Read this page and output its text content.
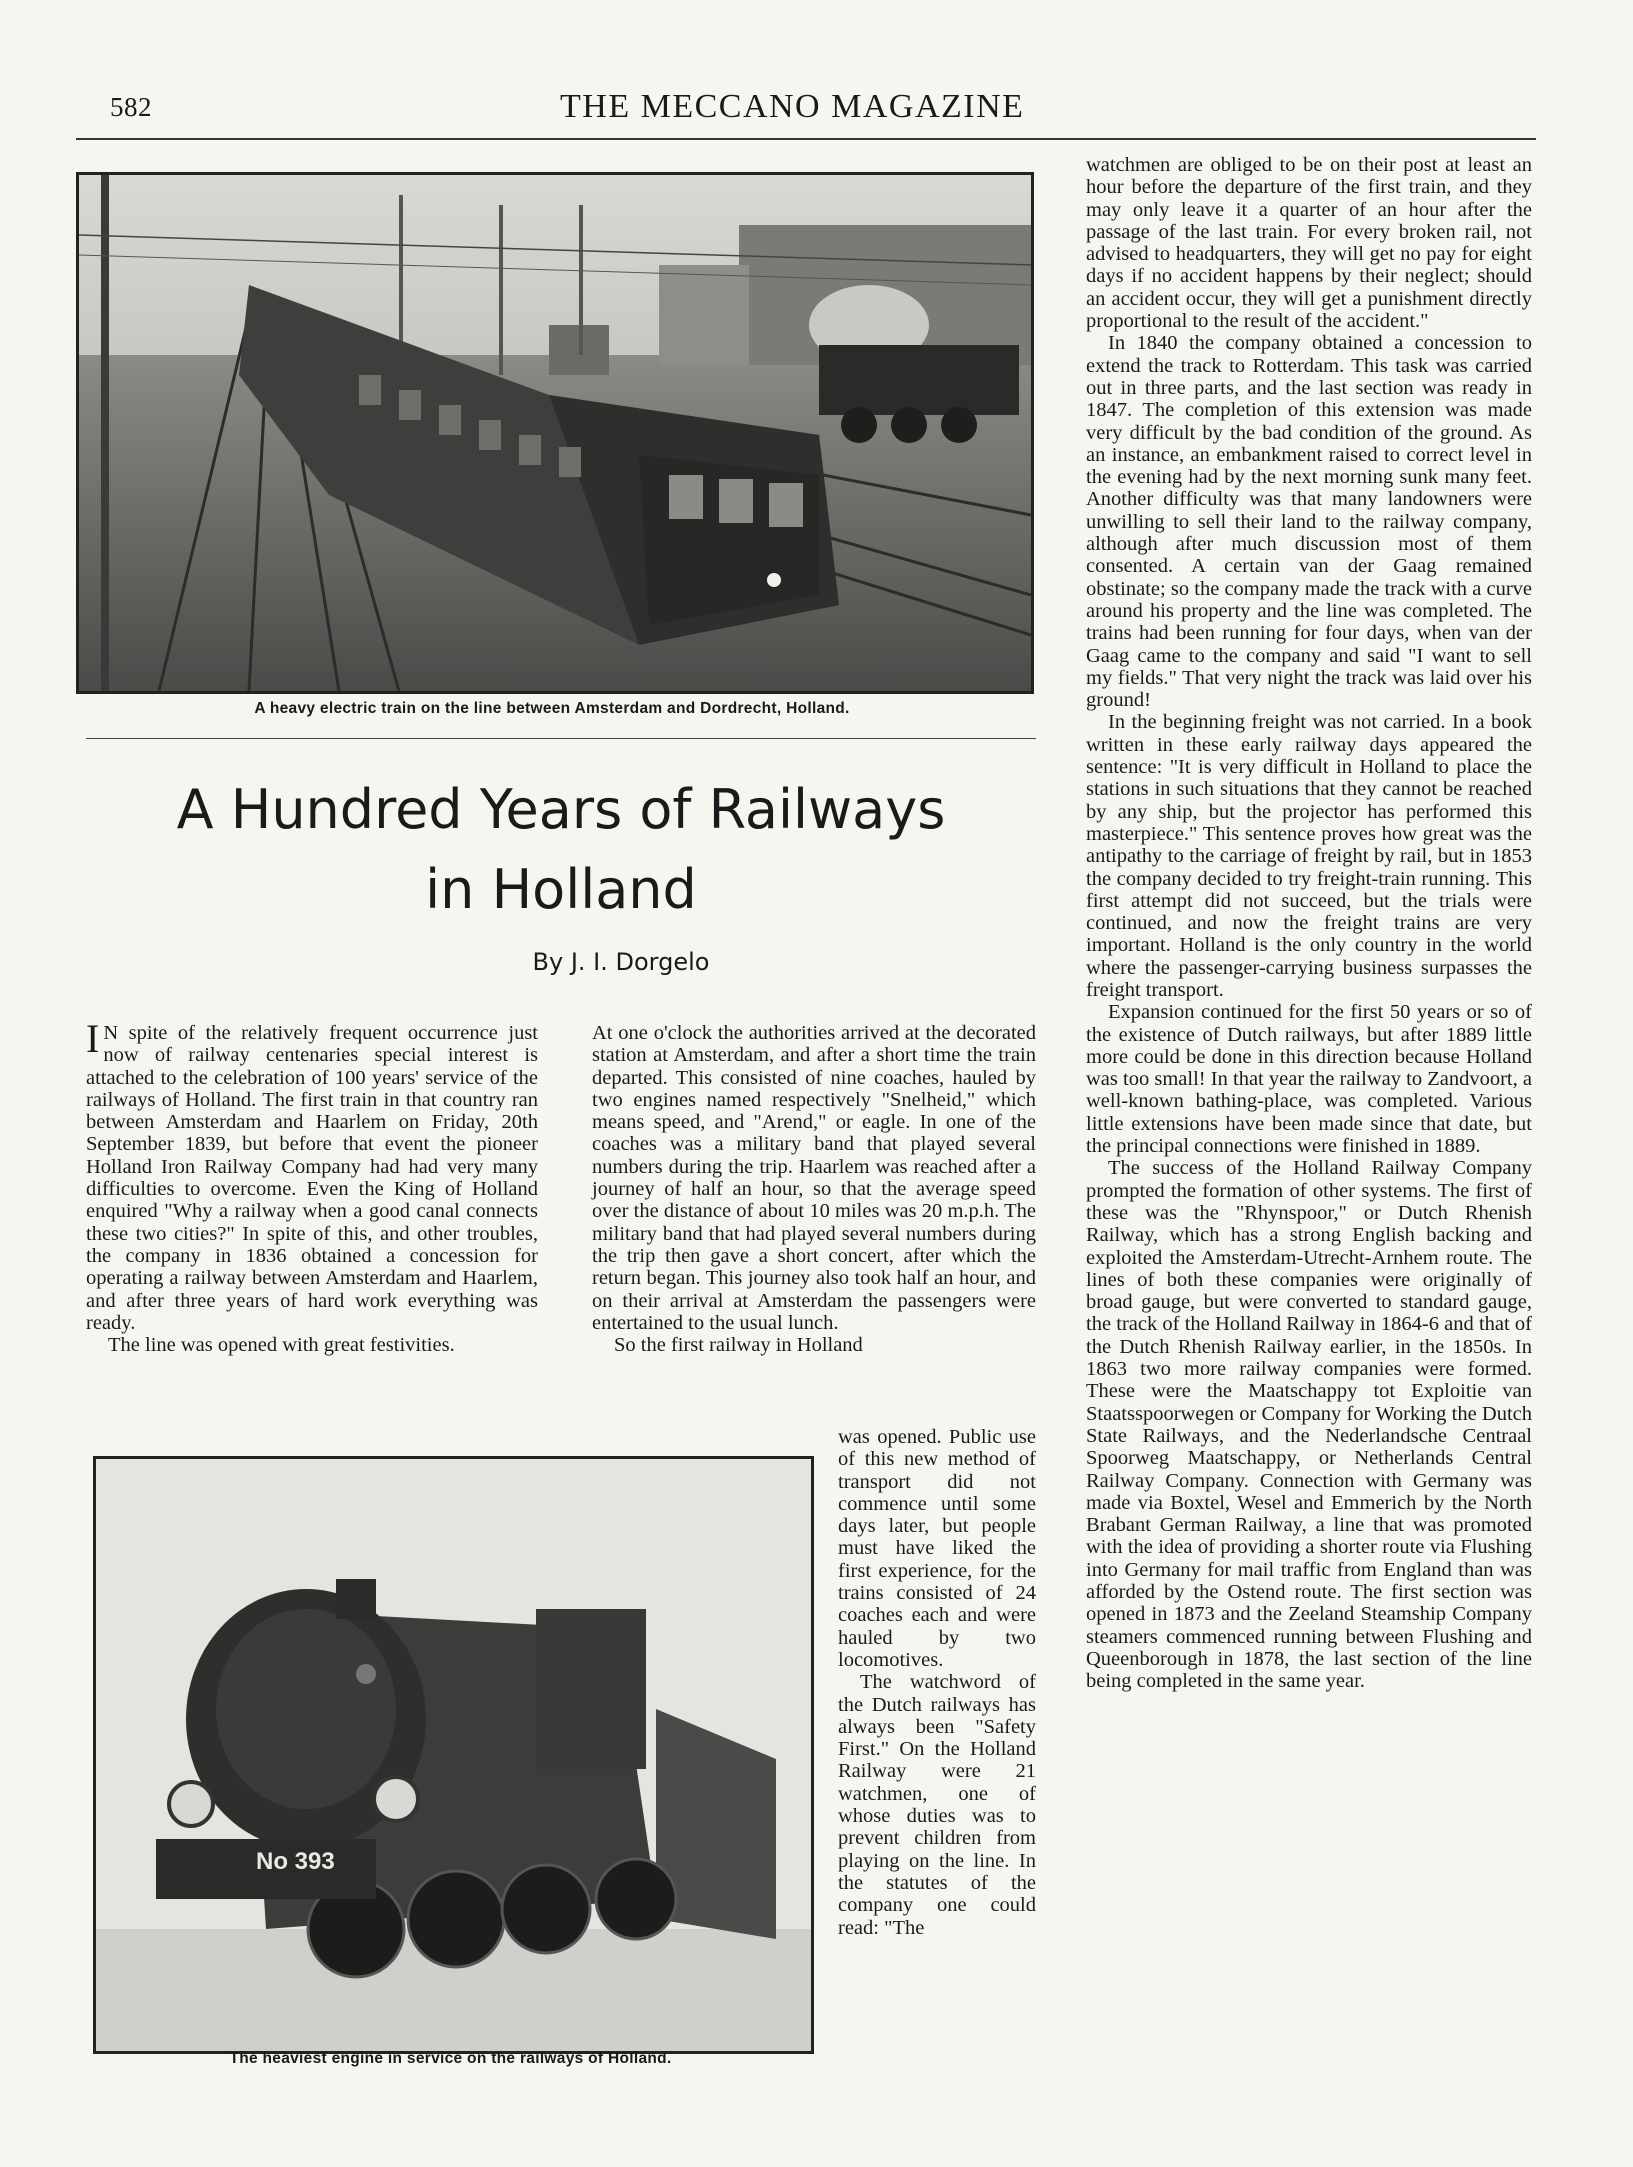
582	THE MECCANO MAGAZINE
A heavy electric train on the line between Amsterdam and Dordrecht, Holland.
A Hundred Years of Railways
in Holland
By J. I. Dorgelo

I N spite of the relatively frequent occurrence just now of railway centenaries special interest is attached to the celebration of 100 years' service of the railways of Holland. The first train in that country ran between Amsterdam and Haarlem on Friday, 20th September 1839, but before that event the pioneer Holland Iron Railway Company had had very many difficulties to overcome. Even the King of Holland enquired "Why a railway when a good canal connects these two cities?" In spite of this, and other troubles, the company in 1836 obtained a concession for operating a railway between Amsterdam and Haarlem, and after three years of hard work everything was ready.

The line was opened with great festivities.

At one o'clock the authorities arrived at the decorated station at Amsterdam, and after a short time the train departed. This consisted of nine coaches, hauled by two engines named respectively "Snelheid," which means speed, and "Arend," or eagle. In one of the coaches was a military band that played several numbers during the trip. Haarlem was reached after a journey of half an hour, so that the average speed over the distance of about 10 miles was 20 m.p.h. The military band that had played several numbers during the trip then gave a short concert, after which the return began. This journey also took half an hour, and on their arrival at Amsterdam the passengers were entertained to the usual lunch.

So the first railway in Holland

No 393
The heaviest engine in service on the railways of Holland.

was opened. Public use of this new method of transport did not commence until some days later, but people must have liked the first experience, for the trains consisted of 24 coaches each and were hauled by two locomotives.

The watchword of the Dutch railways has always been "Safety First." On the Holland Railway were 21 watchmen, one of whose duties was to prevent children from playing on the line. In the statutes of the company one could read: "The

watchmen are obliged to be on their post at least an hour before the departure of the first train, and they may only leave it a quarter of an hour after the passage of the last train. For every broken rail, not advised to headquarters, they will get no pay for eight days if no accident happens by their neglect; should an accident occur, they will get a punishment directly proportional to the result of the accident."

In 1840 the company obtained a concession to extend the track to Rotterdam. This task was carried out in three parts, and the last section was ready in 1847. The completion of this extension was made very difficult by the bad condition of the ground. As an instance, an embankment raised to correct level in the evening had by the next morning sunk many feet. Another difficulty was that many landowners were unwilling to sell their land to the railway company, although after much discussion most of them consented. A certain van der Gaag remained obstinate; so the company made the track with a curve around his property and the line was completed. The trains had been running for four days, when van der Gaag came to the company and said "I want to sell my fields." That very night the track was laid over his ground!

In the beginning freight was not carried. In a book written in these early railway days appeared the sentence: "It is very difficult in Holland to place the stations in such situations that they cannot be reached by any ship, but the projector has performed this masterpiece." This sentence proves how great was the antipathy to the carriage of freight by rail, but in 1853 the company decided to try freight-train running. This first attempt did not succeed, but the trials were continued, and now the freight trains are very important. Holland is the only country in the world where the passenger-carrying business surpasses the freight transport.

Expansion continued for the first 50 years or so of the existence of Dutch railways, but after 1889 little more could be done in this direction because Holland was too small! In that year the railway to Zandvoort, a well-known bathing-place, was completed. Various little extensions have been made since that date, but the principal connections were finished in 1889.

The success of the Holland Railway Company prompted the formation of other systems. The first of these was the "Rhynspoor," or Dutch Rhenish Railway, which has a strong English backing and exploited the Amsterdam-Utrecht-Arnhem route. The lines of both these companies were originally of broad gauge, but were converted to standard gauge, the track of the Holland Railway in 1864-6 and that of the Dutch Rhenish Railway earlier, in the 1850s. In 1863 two more railway companies were formed. These were the Maatschappy tot Exploitie van Staatsspoorwegen or Company for Working the Dutch State Railways, and the Nederlandsche Centraal Spoorweg Maatschappy, or Netherlands Central Railway Company. Connection with Germany was made via Boxtel, Wesel and Emmerich by the North Brabant German Railway, a line that was promoted with the idea of providing a shorter route via Flushing into Germany for mail traffic from England than was afforded by the Ostend route. The first section was opened in 1873 and the Zeeland Steamship Company steamers commenced running between Flushing and Queenborough in 1878, the last section of the line being completed in the same year.
